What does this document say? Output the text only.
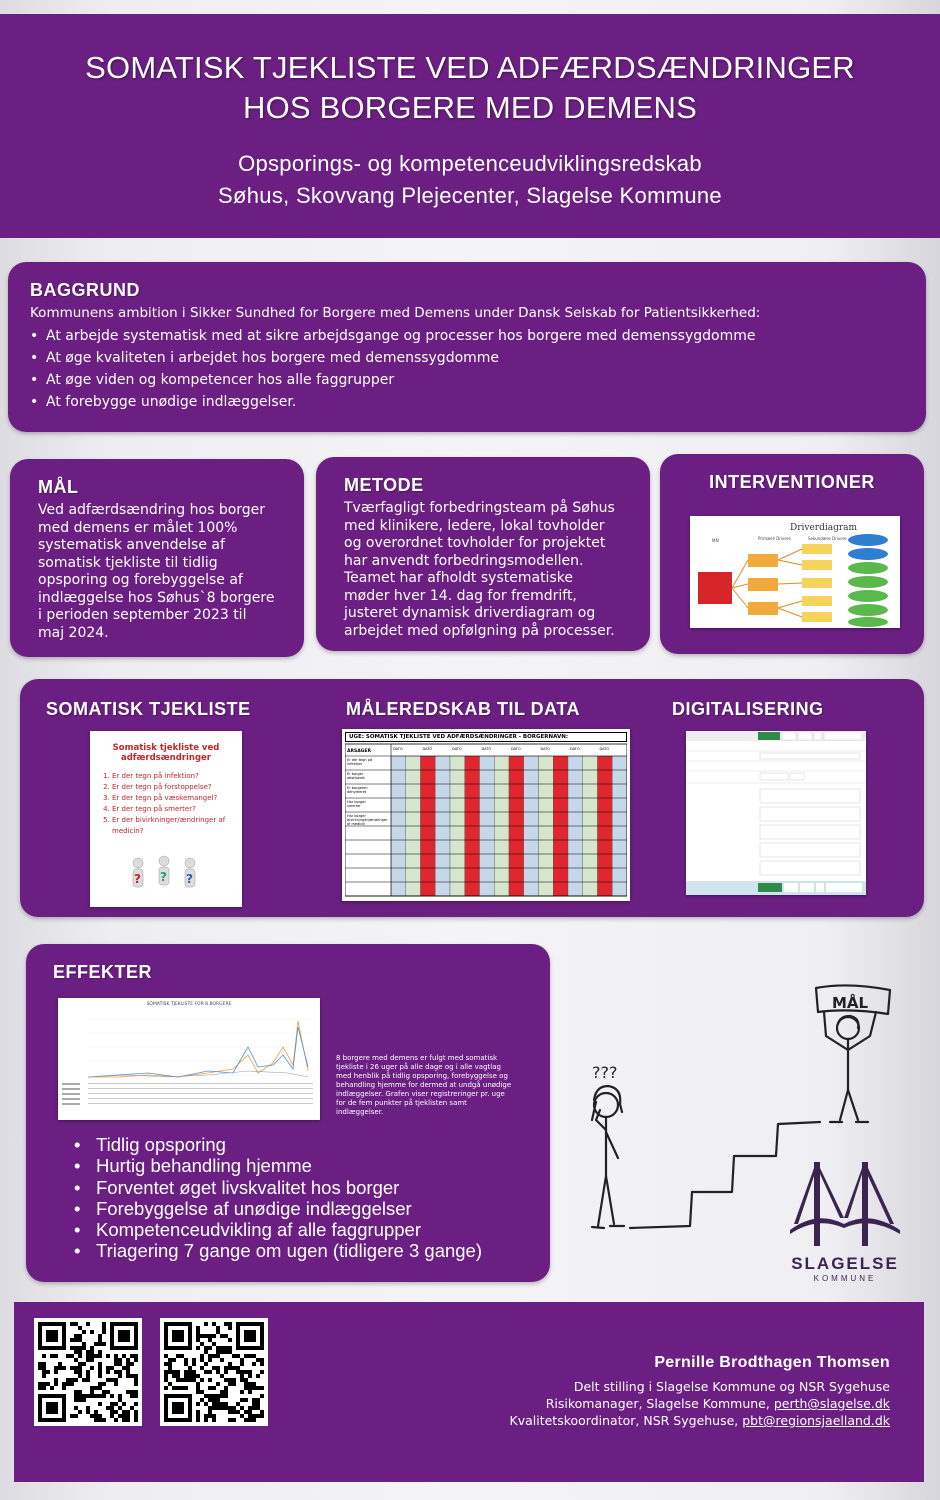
SOMATISK TJEKLISTE VED ADFÆRDSÆNDRINGER
HOS BORGERE MED DEMENS
Opsporings- og kompetenceudviklingsredskab
Søhus, Skovvang Plejecenter, Slagelse Kommune
BAGGRUND
Kommunens ambition i Sikker Sundhed for Borgere med Demens under Dansk Selskab for Patientsikkerhed:
• At arbejde systematisk med at sikre arbejdsgange og processer hos borgere med demenssygdomme
• At øge kvaliteten i arbejdet hos borgere med demenssygdomme
• At øge viden og kompetencer hos alle faggrupper
• At forebygge unødige indlæggelser.
MÅL
Ved adfærdsændring hos borger med demens er målet 100% systematisk anvendelse af somatisk tjekliste til tidlig opsporing og forebyggelse af indlæggelse hos Søhus`8 borgere i perioden september 2023 til maj 2024.
METODE
Tværfagligt forbedringsteam på Søhus med klinikere, ledere, lokal tovholder og overordnet tovholder for projektet har anvendt forbedringsmodellen. Teamet har afholdt systematiske møder hver 14. dag for fremdrift, justeret dynamisk driverdiagram og arbejdet med opfølgning på processer.
INTERVENTIONER
Driverdiagram
Mål	Primære Drivere	Sekundære Drivere
SOMATISK TJEKLISTE	MÅLEREDSKAB TIL DATA	DIGITALISERING
Somatisk tjekliste ved adfærdsændringer
1. Er der tegn på infektion?
2. Er der tegn på forstoppelse?
3. Er der tegn på væskemangel?
4. Er der tegn på smerter?
5. Er der bivirkninger/ændringer af medicin?
? ? ?
UGE: SOMATISK TJEKLISTE VED ADFÆRDSÆNDRINGER - BORGERNAVN:
ÅRSAGER	DATO	DATO	DATO	DATO	DATO	DATO	DATO	DATO
Er der tegn på
infektion
Er borger
obstiperet
Er borgeren
dehydreret
Har borger
smerter
Har borger
bivirkninger/ændringer
af medicin
EFFEKTER
SOMATISK TJEKLISTE FOR 8 BORGERE
8 borgere med demens er fulgt med somatisk tjekliste i 26 uger på alle dage og i alle vagtlag med henblik på tidlig opsporing, forebyggelse og behandling hjemme for dermed at undgå unødige indlæggelser. Grafen viser registreringer pr. uge for de fem punkter på tjeklisten samt indlæggelser.
• Tidlig opsporing
• Hurtig behandling hjemme
• Forventet øget livskvalitet hos borger
• Forebyggelse af unødige indlæggelser
• Kompetenceudvikling af alle faggrupper
• Triagering 7 gange om ugen (tidligere 3 gange)
???
MÅL
SLAGELSE
KOMMUNE
Pernille Brodthagen Thomsen
Delt stilling i Slagelse Kommune og NSR Sygehuse
Risikomanager, Slagelse Kommune, perth@slagelse.dk
Kvalitetskoordinator, NSR Sygehuse, pbt@regionsjaelland.dk
